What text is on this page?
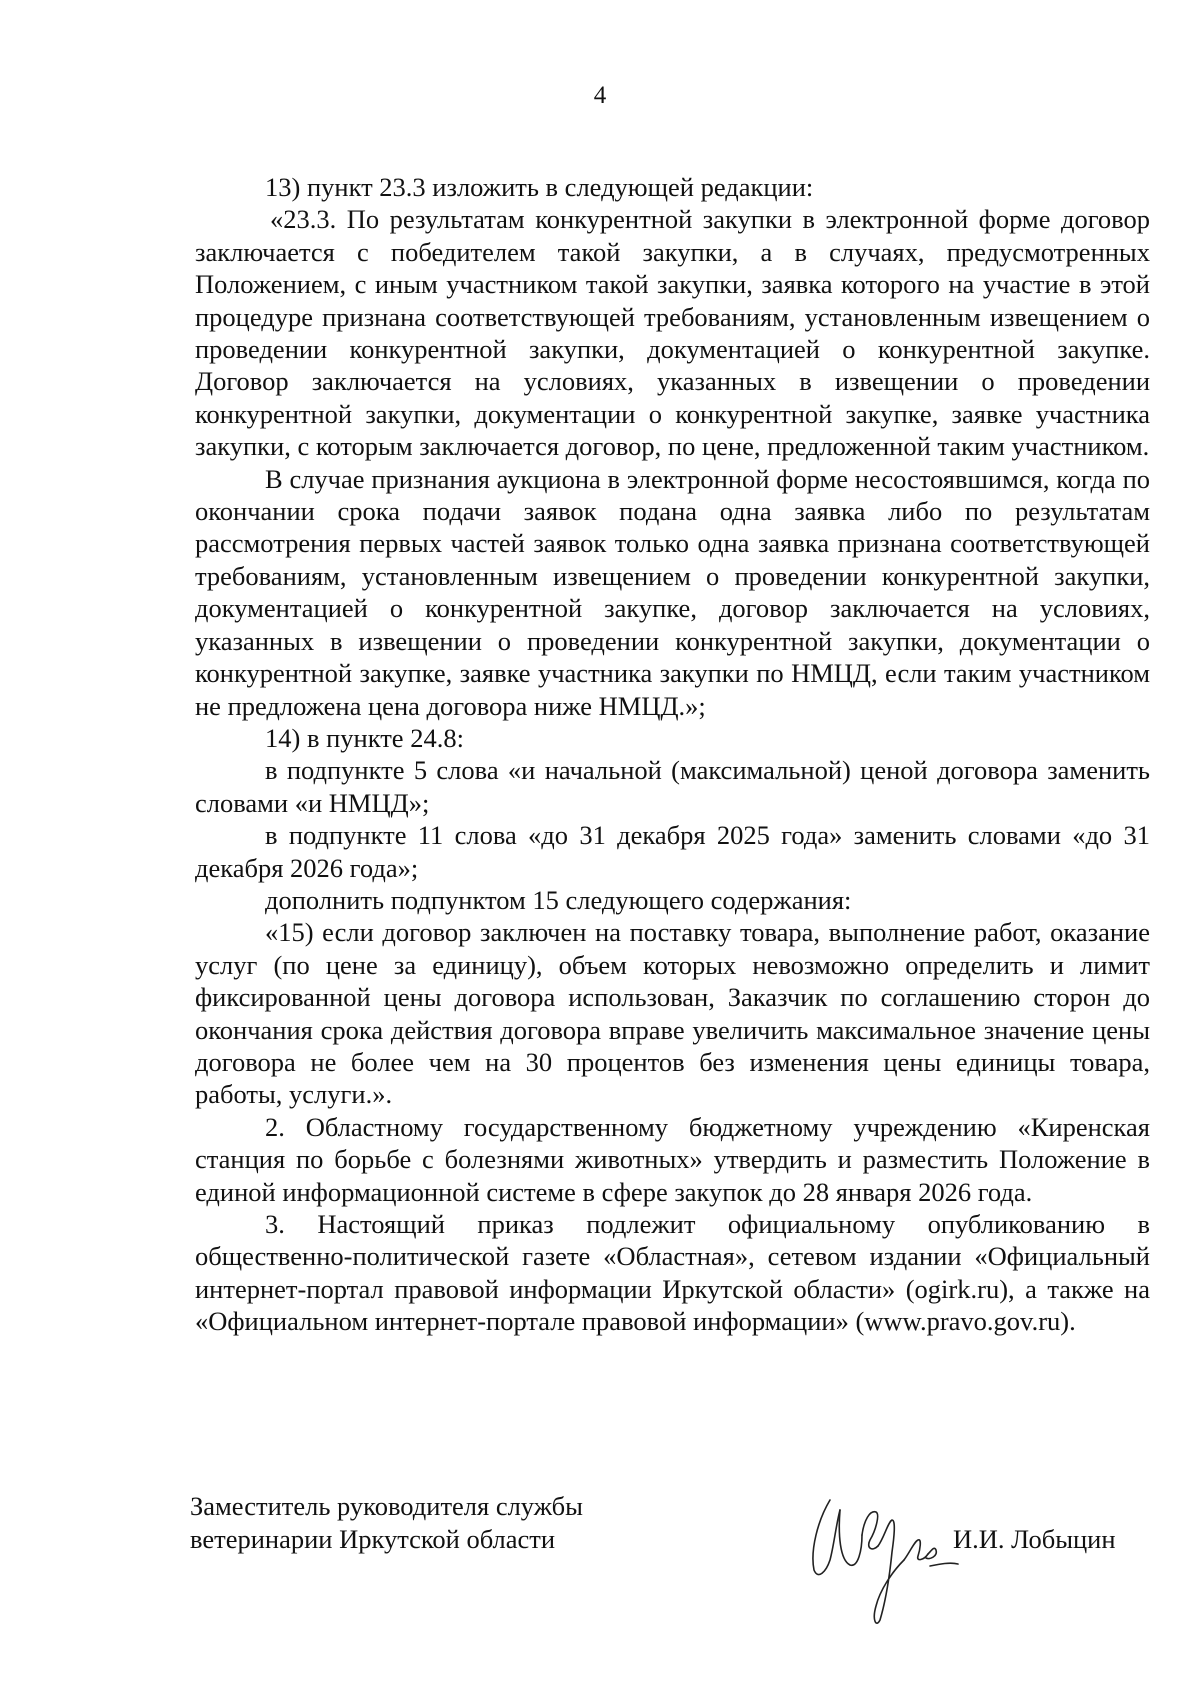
4

13) пункт 23.3 изложить в следующей редакции:

«23.3. По результатам конкурентной закупки в электронной форме договор заключается с победителем такой закупки, а в случаях, предусмотренных Положением, с иным участником такой закупки, заявка которого на участие в этой процедуре признана соответствующей требованиям, установленным извещением о проведении конкурентной закупки, документацией о конкурентной закупке. Договор заключается на условиях, указанных в извещении о проведении конкурентной закупки, документации о конкурентной закупке, заявке участника закупки, с которым заключается договор, по цене, предложенной таким участником.

В случае признания аукциона в электронной форме несостоявшимся, когда по окончании срока подачи заявок подана одна заявка либо по результатам рассмотрения первых частей заявок только одна заявка признана соответствующей требованиям, установленным извещением о проведении конкурентной закупки, документацией о конкурентной закупке, договор заключается на условиях, указанных в извещении о проведении конкурентной закупки, документации о конкурентной закупке, заявке участника закупки по НМЦД, если таким участником не предложена цена договора ниже НМЦД.»;

14) в пункте 24.8:

в подпункте 5 слова «и начальной (максимальной) ценой договора заменить словами «и НМЦД»;

в подпункте 11 слова «до 31 декабря 2025 года» заменить словами «до 31 декабря 2026 года»;

дополнить подпунктом 15 следующего содержания:

«15) если договор заключен на поставку товара, выполнение работ, оказание услуг (по цене за единицу), объем которых невозможно определить и лимит фиксированной цены договора использован, Заказчик по соглашению сторон до окончания срока действия договора вправе увеличить максимальное значение цены договора не более чем на 30 процентов без изменения цены единицы товара, работы, услуги.».

2. Областному государственному бюджетному учреждению «Киренская станция по борьбе с болезнями животных» утвердить и разместить Положение в единой информационной системе в сфере закупок до 28 января 2026 года.

3. Настоящий приказ подлежит официальному опубликованию в общественно-политической газете «Областная», сетевом издании «Официальный интернет-портал правовой информации Иркутской области» (ogirk.ru), а также на «Официальном интернет-портале правовой информации» (www.pravo.gov.ru).

Заместитель руководителя службы
ветеринарии Иркутской области	И.И. Лобыцин
